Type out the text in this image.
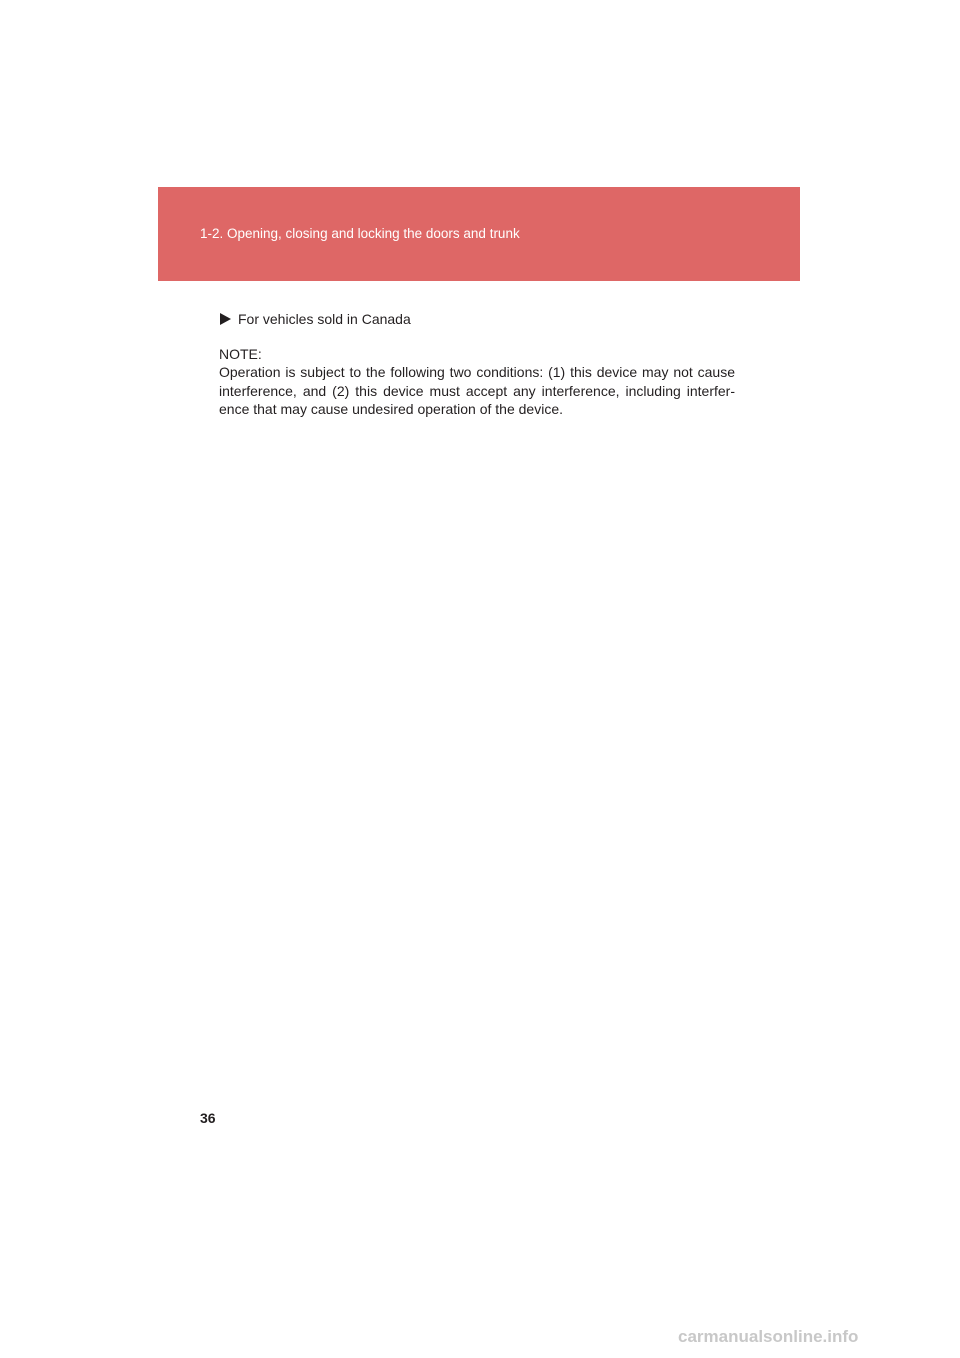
1-2. Opening, closing and locking the doors and trunk
For vehicles sold in Canada
NOTE:

Operation is subject to the following two conditions: (1) this device may not cause interference, and (2) this device must accept any interference, including interfer-ence that may cause undesired operation of the device.

36
carmanualsonline.info
